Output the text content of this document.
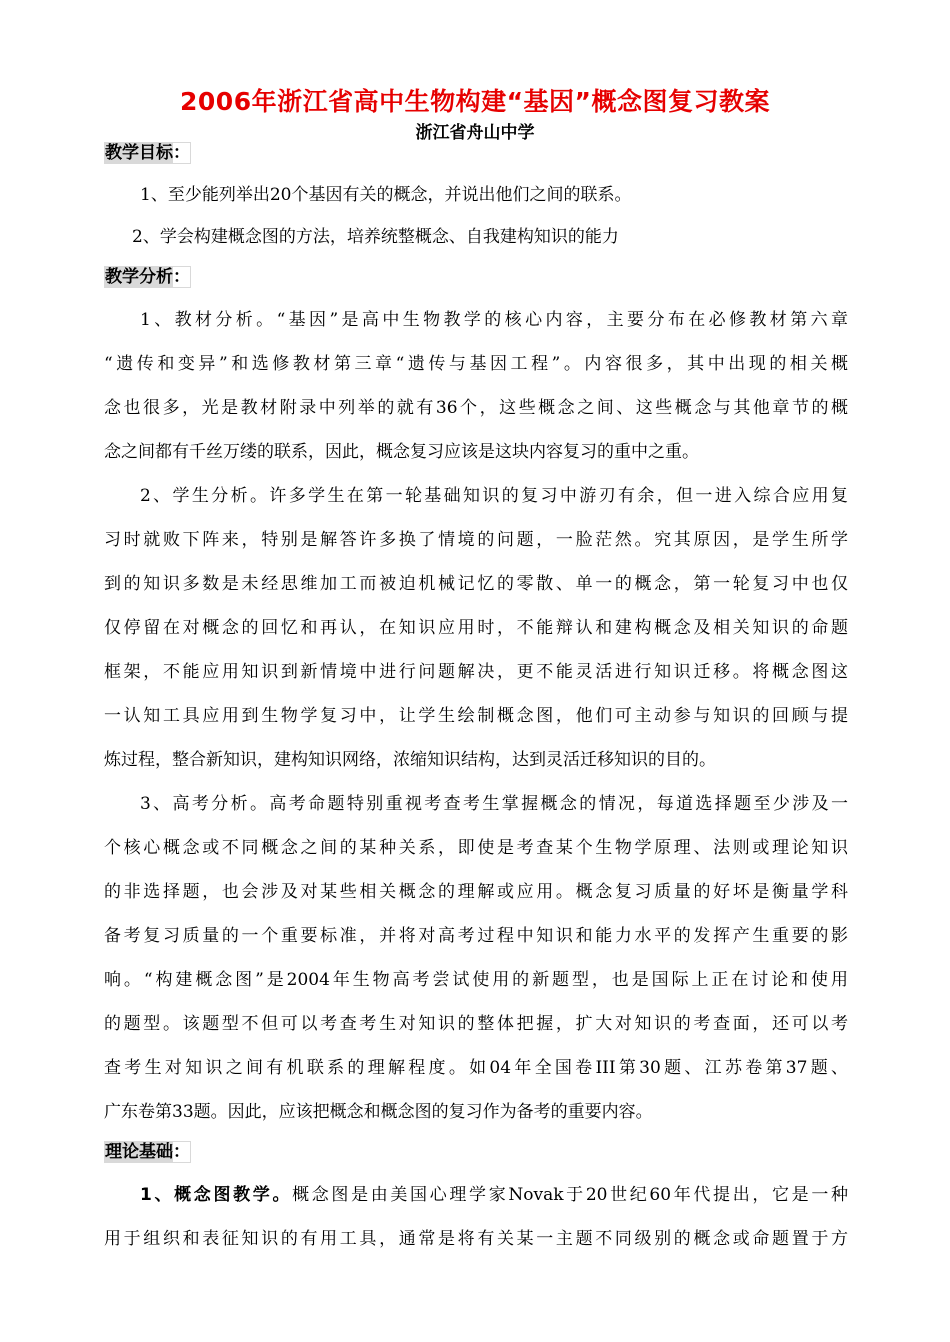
2006年浙江省高中生物构建“基因”概念图复习教案
浙江省舟山中学
教学目标：
1、至少能列举出20个基因有关的概念，并说出他们之间的联系。
2、学会构建概念图的方法，培养统整概念、自我建构知识的能力
教学分析：
1、教材分析。“基因”是高中生物教学的核心内容，主要分布在必修教材第六章
“遗传和变异”和选修教材第三章“遗传与基因工程”。内容很多，其中出现的相关概
念也很多，光是教材附录中列举的就有36个，这些概念之间、这些概念与其他章节的概
念之间都有千丝万缕的联系，因此，概念复习应该是这块内容复习的重中之重。
2、学生分析。许多学生在第一轮基础知识的复习中游刃有余，但一进入综合应用复
习时就败下阵来，特别是解答许多换了情境的问题，一脸茫然。究其原因，是学生所学
到的知识多数是未经思维加工而被迫机械记忆的零散、单一的概念，第一轮复习中也仅
仅停留在对概念的回忆和再认，在知识应用时，不能辩认和建构概念及相关知识的命题
框架，不能应用知识到新情境中进行问题解决，更不能灵活进行知识迁移。将概念图这
一认知工具应用到生物学复习中，让学生绘制概念图，他们可主动参与知识的回顾与提
炼过程，整合新知识，建构知识网络，浓缩知识结构，达到灵活迁移知识的目的。
3、高考分析。高考命题特别重视考查考生掌握概念的情况，每道选择题至少涉及一
个核心概念或不同概念之间的某种关系，即使是考查某个生物学原理、法则或理论知识
的非选择题，也会涉及对某些相关概念的理解或应用。概念复习质量的好坏是衡量学科
备考复习质量的一个重要标准，并将对高考过程中知识和能力水平的发挥产生重要的影
响。“构建概念图”是2004年生物高考尝试使用的新题型，也是国际上正在讨论和使用
的题型。该题型不但可以考查考生对知识的整体把握，扩大对知识的考查面，还可以考
查考生对知识之间有机联系的理解程度。如04年全国卷III第30题、江苏卷第37题、
广东卷第33题。因此，应该把概念和概念图的复习作为备考的重要内容。
理论基础：
1、概念图教学。概念图是由美国心理学家Novak于20世纪60年代提出，它是一种
用于组织和表征知识的有用工具，通常是将有关某一主题不同级别的概念或命题置于方
